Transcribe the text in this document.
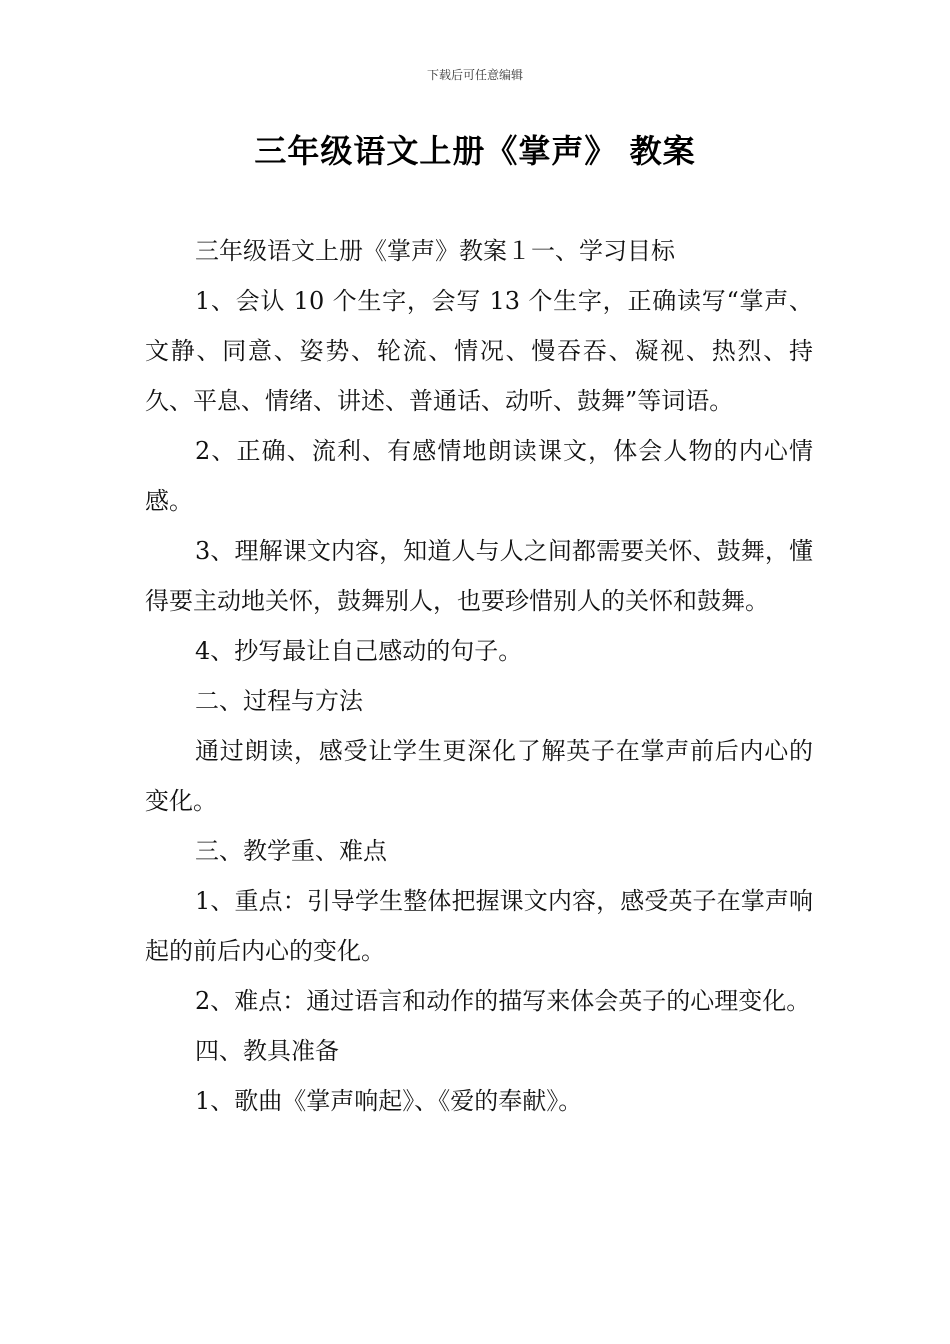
下载后可任意编辑
三年级语文上册《掌声》 教案

三年级语文上册《掌声》教案１一、学习目标

1、会认 10 个生字，会写 13 个生字，正确读写“掌声、文静、同意、姿势、轮流、情况、慢吞吞、凝视、热烈、持久、平息、情绪、讲述、普通话、动听、鼓舞”等词语。

2、正确、流利、有感情地朗读课文，体会人物的内心情感。

3、理解课文内容，知道人与人之间都需要关怀、鼓舞，懂得要主动地关怀，鼓舞别人，也要珍惜别人的关怀和鼓舞。

4、抄写最让自己感动的句子。

二、过程与方法

通过朗读，感受让学生更深化了解英子在掌声前后内心的变化。

三、教学重、难点

1、重点：引导学生整体把握课文内容，感受英子在掌声响起的前后内心的变化。

2、难点：通过语言和动作的描写来体会英子的心理变化。

四、教具准备

1、歌曲《掌声响起》、《爱的奉献》。
